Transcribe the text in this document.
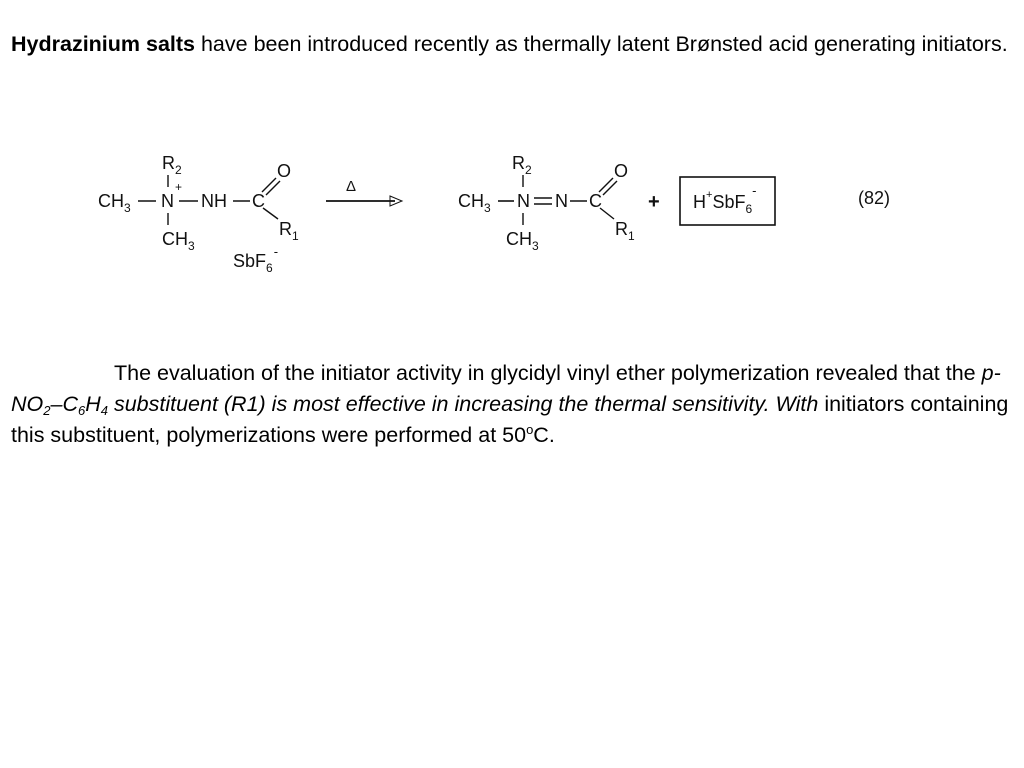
Hydrazinium salts have been introduced recently as thermally latent Brønsted acid generating initiators.

$CH_3$ N
+
$R_2$
$CH_3$
NH C
O
$R_1$
SbF$_6$-
Δ
$CH_3$ N
$R_2$
$CH_3$
N C
O
$R_1$
+ H+SbF$_6$-	(82)

The evaluation of the initiator activity in glycidyl vinyl ether polymerization revealed that the $p-NO_2-C_6H_4$ substituent (R1) is most effective in increasing the thermal sensitivity. With initiators containing this substituent, polymerizations were performed at 50$^o$C.
